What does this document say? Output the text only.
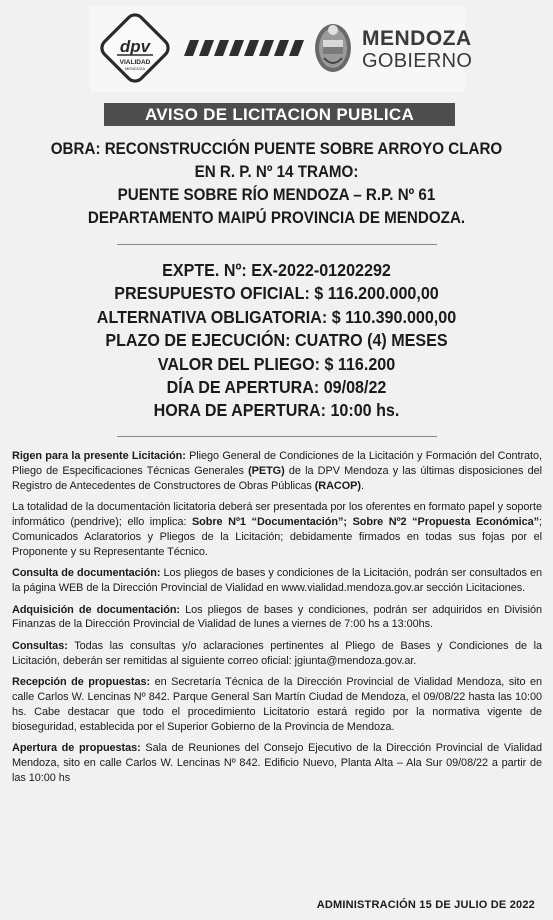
dpv
VIALIDAD
MENDOZA
MENDOZA
GOBIERNO
AVISO DE LICITACION PUBLICA
OBRA: RECONSTRUCCIÓN PUENTE SOBRE ARROYO CLARO
EN R. P. Nº 14 TRAMO:
PUENTE SOBRE RÍO MENDOZA – R.P. Nº 61
DEPARTAMENTO MAIPÚ PROVINCIA DE MENDOZA.
EXPTE. Nº: EX-2022-01202292
PRESUPUESTO OFICIAL: $ 116.200.000,00
ALTERNATIVA OBLIGATORIA: $ 110.390.000,00
PLAZO DE EJECUCIÓN: CUATRO (4) MESES
VALOR DEL PLIEGO: $ 116.200
DÍA DE APERTURA: 09/08/22
HORA DE APERTURA: 10:00 hs.

Rigen para la presente Licitación: Pliego General de Condiciones de la Licitación y Formación del Contrato, Pliego de Especificaciones Técnicas Generales (PETG) de la DPV Mendoza y las últimas disposiciones del Registro de Antecedentes de Constructores de Obras Públicas (RACOP).

La totalidad de la documentación licitatoria deberá ser presentada por los oferentes en formato papel y soporte informático (pendrive); ello implica: Sobre Nº1 “Documentación”; Sobre Nº2 “Propuesta Económica”; Comunicados Aclaratorios y Pliegos de la Licitación; debidamente firmados en todas sus fojas por el Proponente y su Representante Técnico.

Consulta de documentación: Los pliegos de bases y condiciones de la Licitación, podrán ser consultados en la página WEB de la Dirección Provincial de Vialidad en www.vialidad.mendoza.gov.ar sección Licitaciones.

Adquisición de documentación: Los pliegos de bases y condiciones, podrán ser adquiridos en División Finanzas de la Dirección Provincial de Vialidad de lunes a viernes de 7:00 hs a 13:00hs.

Consultas: Todas las consultas y/o aclaraciones pertinentes al Pliego de Bases y Condiciones de la Licitación, deberán ser remitidas al siguiente correo oficial: jgiunta@mendoza.gov.ar.

Recepción de propuestas: en Secretaría Técnica de la Dirección Provincial de Vialidad Mendoza, sito en calle Carlos W. Lencinas Nº 842. Parque General San Martín Ciudad de Mendoza, el 09/08/22 hasta las 10:00 hs. Cabe destacar que todo el procedimiento Licitatorio estará regido por la normativa vigente de bioseguridad, establecida por el Superior Gobierno de la Provincia de Mendoza.

Apertura de propuestas: Sala de Reuniones del Consejo Ejecutivo de la Dirección Provincial de Vialidad Mendoza, sito en calle Carlos W. Lencinas Nº 842. Edificio Nuevo, Planta Alta – Ala Sur 09/08/22 a partir de las 10:00 hs

ADMINISTRACIÓN 15 DE JULIO DE 2022
